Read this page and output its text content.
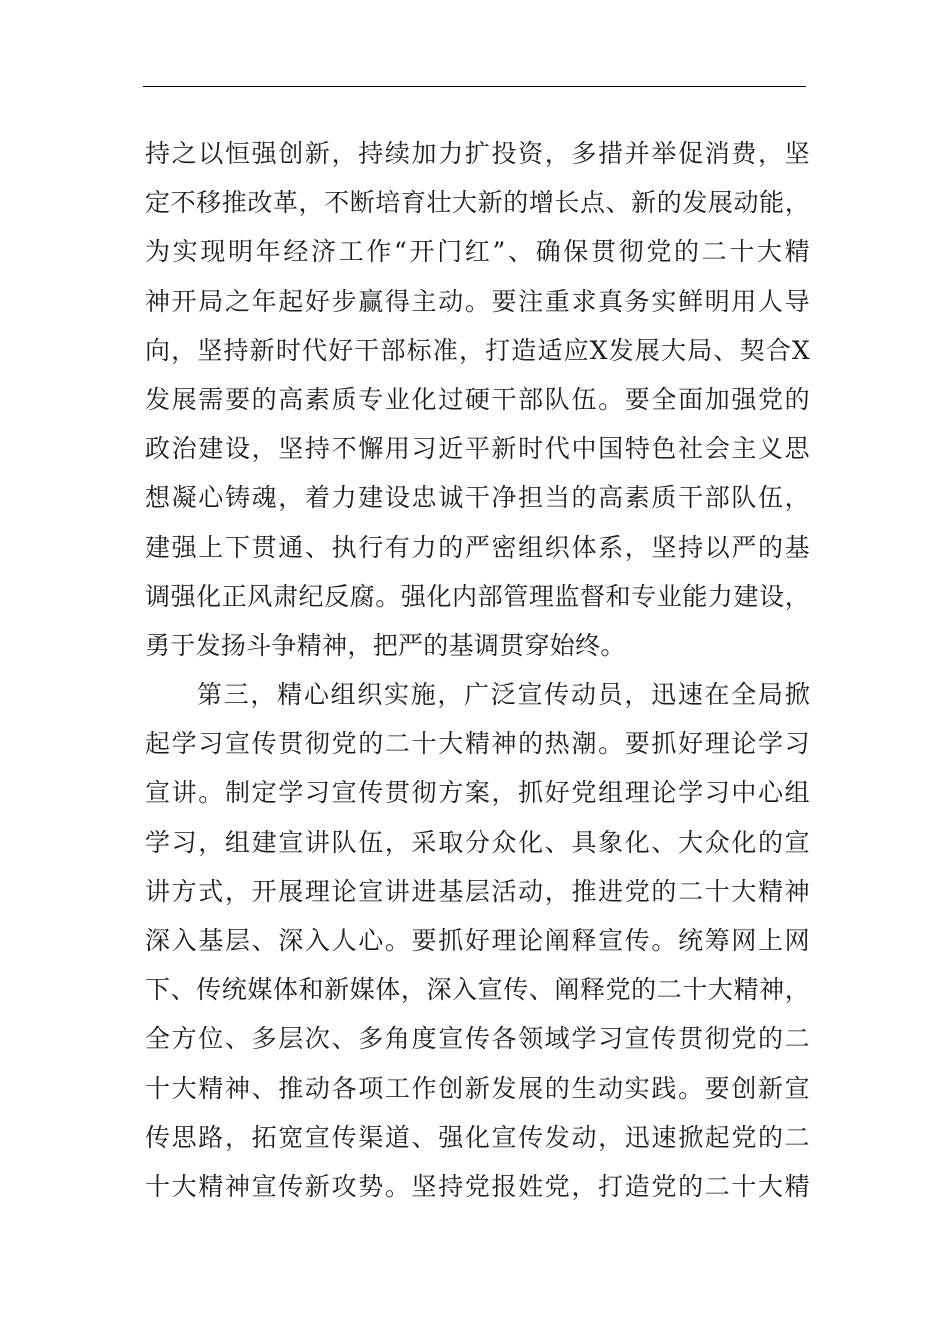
持之以恒强创新，持续加力扩投资，多措并举促消费，坚
定不移推改革，不断培育壮大新的增长点、新的发展动能，
为实现明年经济工作“开门红”、确保贯彻党的二十大精
神开局之年起好步赢得主动。要注重求真务实鲜明用人导
向，坚持新时代好干部标准，打造适应X发展大局、契合X
发展需要的高素质专业化过硬干部队伍。要全面加强党的
政治建设，坚持不懈用习近平新时代中国特色社会主义思
想凝心铸魂，着力建设忠诚干净担当的高素质干部队伍，
建强上下贯通、执行有力的严密组织体系，坚持以严的基
调强化正风肃纪反腐。强化内部管理监督和专业能力建设，
勇于发扬斗争精神，把严的基调贯穿始终。
第三，精心组织实施，广泛宣传动员，迅速在全局掀
起学习宣传贯彻党的二十大精神的热潮。要抓好理论学习
宣讲。制定学习宣传贯彻方案，抓好党组理论学习中心组
学习，组建宣讲队伍，采取分众化、具象化、大众化的宣
讲方式，开展理论宣讲进基层活动，推进党的二十大精神
深入基层、深入人心。要抓好理论阐释宣传。统筹网上网
下、传统媒体和新媒体，深入宣传、阐释党的二十大精神，
全方位、多层次、多角度宣传各领域学习宣传贯彻党的二
十大精神、推动各项工作创新发展的生动实践。要创新宣
传思路，拓宽宣传渠道、强化宣传发动，迅速掀起党的二
十大精神宣传新攻势。坚持党报姓党，打造党的二十大精
